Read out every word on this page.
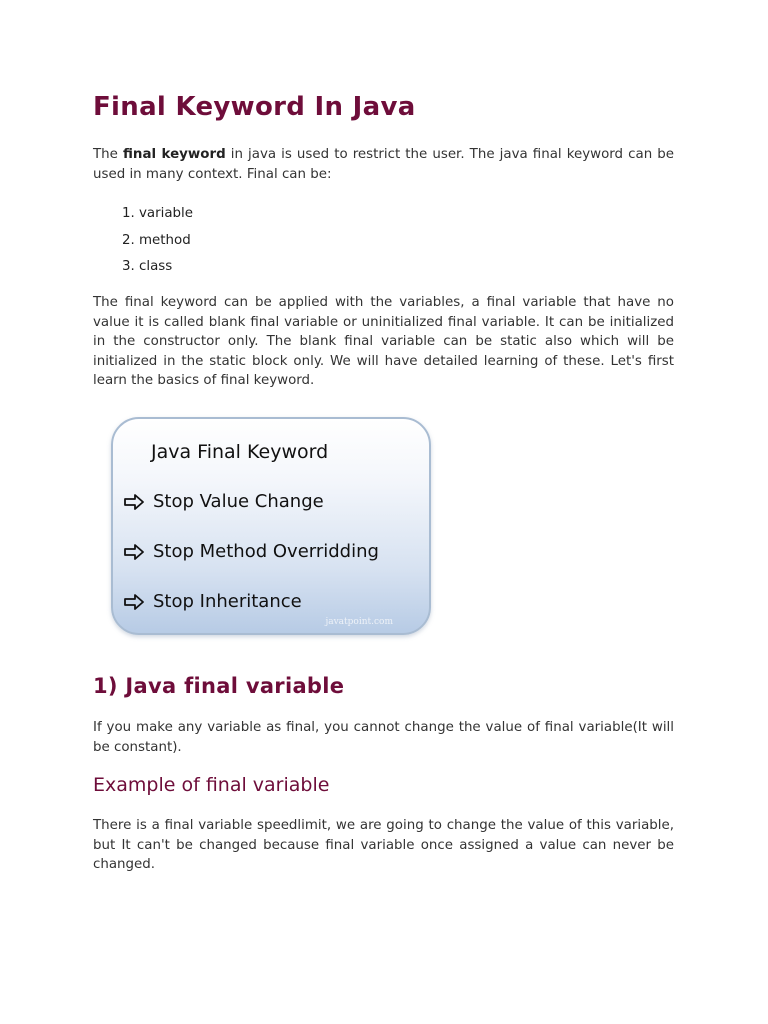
Final Keyword In Java

The final keyword in java is used to restrict the user. The java final keyword can be used in many context. Final can be:

1. variable
2. method
3. class

The final keyword can be applied with the variables, a final variable that have no value it is called blank final variable or uninitialized final variable. It can be initialized in the constructor only. The blank final variable can be static also which will be initialized in the static block only. We will have detailed learning of these. Let's first learn the basics of final keyword.

Java Final Keyword
Stop Value Change
Stop Method Overridding
Stop Inheritance
javatpoint.com
1) Java final variable

If you make any variable as final, you cannot change the value of final variable(It will be constant).

Example of final variable

There is a final variable speedlimit, we are going to change the value of this variable, but It can't be changed because final variable once assigned a value can never be changed.
